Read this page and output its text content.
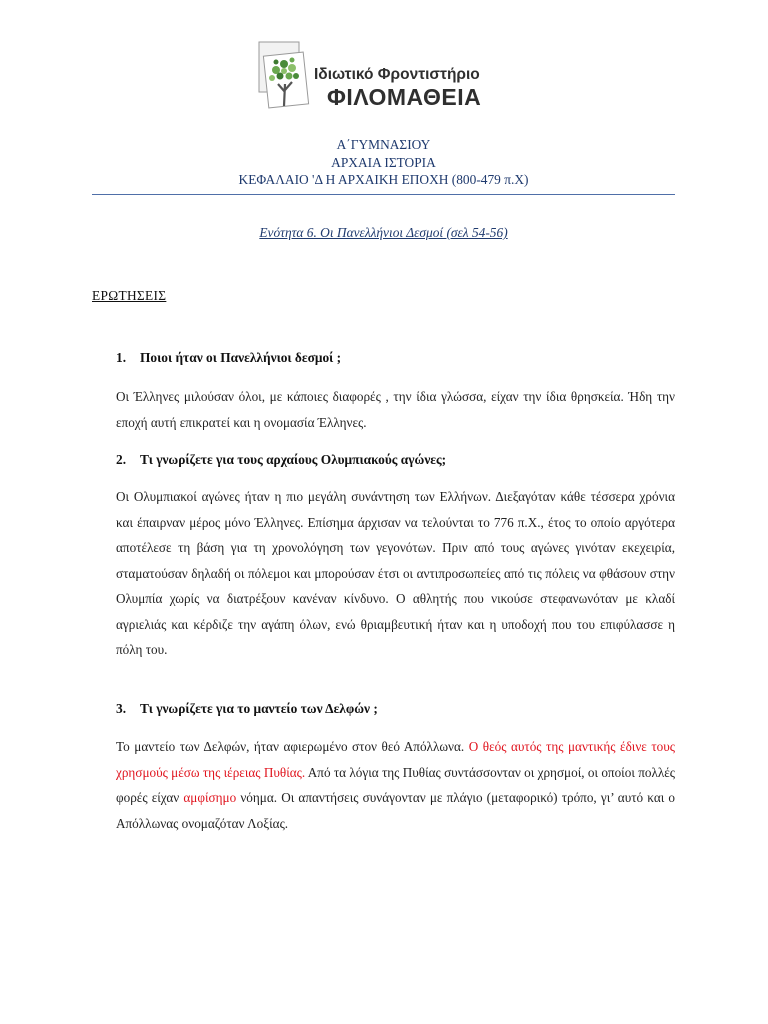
Ιδιωτικό Φροντιστήριο
ΦΙΛΟΜΑΘΕΙΑ
Α΄ΓΥΜΝΑΣΙΟΥ
ΑΡΧΑΙΑ ΙΣΤΟΡΙΑ
ΚΕΦΑΛΑΙΟ 'Δ Η ΑΡΧΑΙΚΗ ΕΠΟΧΗ (800-479 π.Χ)
Ενότητα 6. Οι Πανελλήνιοι Δεσμοί (σελ 54-56)
ΕΡΩΤΗΣΕΙΣ
1. Ποιοι ήταν οι Πανελλήνιοι δεσμοί ;
Οι Έλληνες μιλούσαν όλοι, με κάποιες διαφορές , την ίδια γλώσσα, είχαν την ίδια θρησκεία. Ήδη την εποχή αυτή επικρατεί και η ονομασία Έλληνες.
2. Τι γνωρίζετε για τους αρχαίους Ολυμπιακούς αγώνες;
Οι Ολυμπιακοί αγώνες ήταν η πιο μεγάλη συνάντηση των Ελλήνων. Διεξαγόταν κάθε τέσσερα χρόνια και έπαιρναν μέρος μόνο Έλληνες. Επίσημα άρχισαν να τελούνται το 776 π.Χ., έτος το οποίο αργότερα αποτέλεσε τη βάση για τη χρονολόγηση των γεγονότων. Πριν από τους αγώνες γινόταν εκεχειρία, σταματούσαν δηλαδή οι πόλεμοι και μπορούσαν έτσι οι αντιπροσωπείες από τις πόλεις να φθάσουν στην Ολυμπία χωρίς να διατρέξουν κανέναν κίνδυνο. Ο αθλητής που νικούσε στεφανωνόταν με κλαδί αγριελιάς και κέρδιζε την αγάπη όλων, ενώ θριαμβευτική ήταν και η υποδοχή που του επιφύλασσε η πόλη του.
3. Τι γνωρίζετε για το μαντείο των Δελφών ;
Το μαντείο των Δελφών, ήταν αφιερωμένο στον θεό Απόλλωνα. Ο θεός αυτός της μαντικής έδινε τους χρησμούς μέσω της ιέρειας Πυθίας. Από τα λόγια της Πυθίας συντάσσονταν οι χρησμοί, οι οποίοι πολλές φορές είχαν αμφίσημο νόημα. Οι απαντήσεις συνάγονταν με πλάγιο (μεταφορικό) τρόπο, γι’ αυτό και ο Απόλλωνας ονομαζόταν Λοξίας.
